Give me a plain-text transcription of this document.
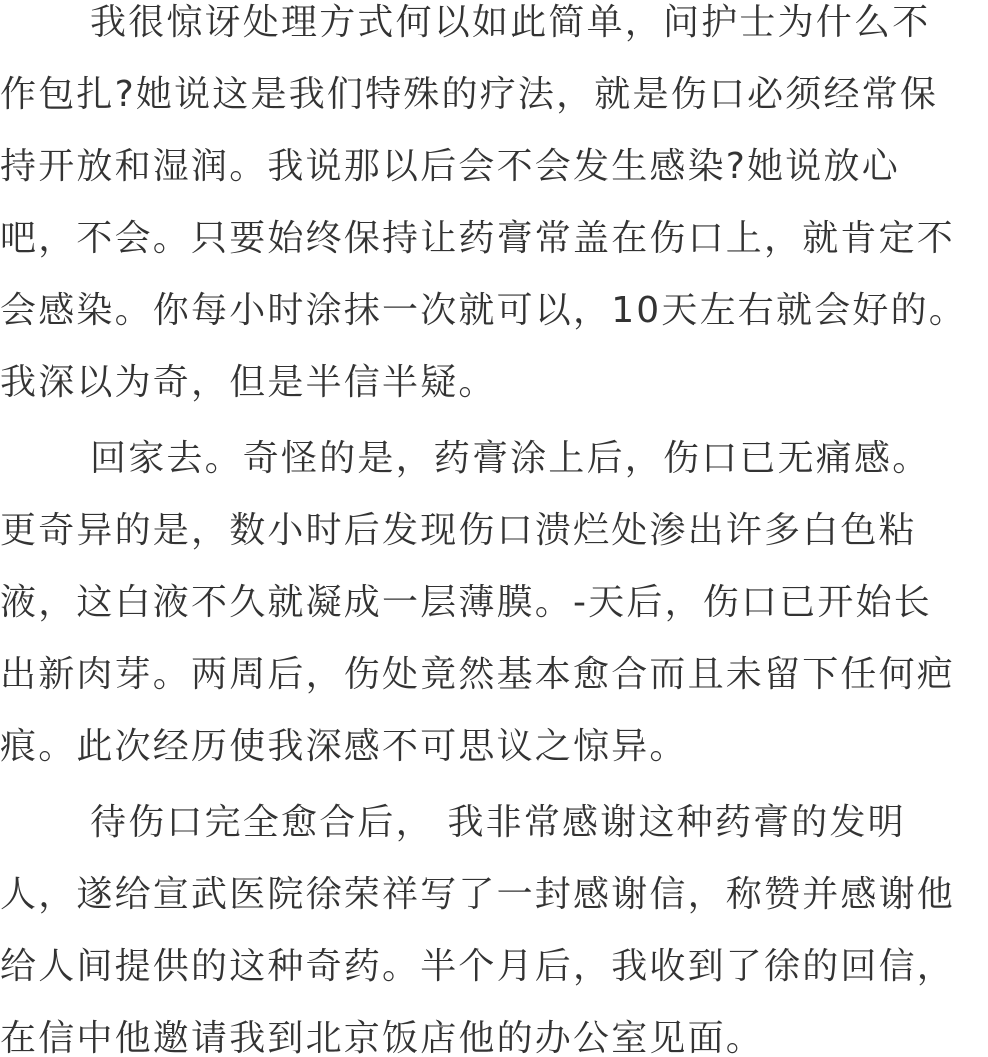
我很惊讶处理方式何以如此简单，问护士为什么不
作包扎?她说这是我们特殊的疗法，就是伤口必须经常保
持开放和湿润。我说那以后会不会发生感染?她说放心
吧，不会。只要始终保持让药膏常盖在伤口上，就肯定不
会感染。你每小时涂抹一次就可以，10天左右就会好的。
我深以为奇，但是半信半疑。
回家去。奇怪的是，药膏涂上后，伤口已无痛感。
更奇异的是，数小时后发现伤口溃烂处渗出许多白色粘
液，这白液不久就凝成一层薄膜。-天后，伤口已开始长
出新肉芽。两周后，伤处竟然基本愈合而且未留下任何疤
痕。此次经历使我深感不可思议之惊异。
待伤口完全愈合后， 我非常感谢这种药膏的发明
人，遂给宣武医院徐荣祥写了一封感谢信，称赞并感谢他
给人间提供的这种奇药。半个月后，我收到了徐的回信，
在信中他邀请我到北京饭店他的办公室见面。
